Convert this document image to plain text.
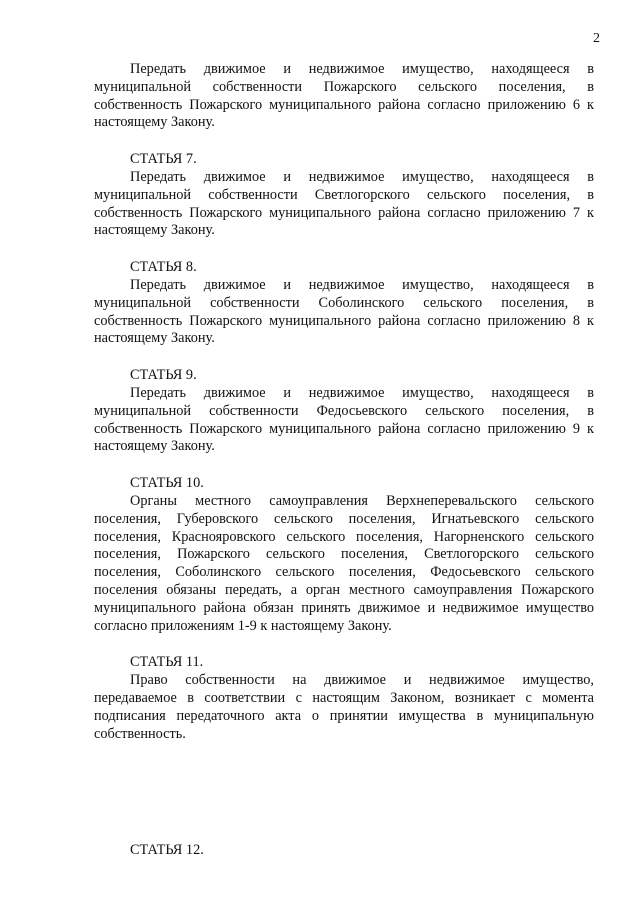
2

Передать движимое и недвижимое имущество, находящееся в муниципальной собственности Пожарского сельского поселения, в собственность Пожарского муниципального района согласно приложению 6 к настоящему Закону.

СТАТЬЯ 7.

Передать движимое и недвижимое имущество, находящееся в муниципальной собственности Светлогорского сельского поселения, в собственность Пожарского муниципального района согласно приложению 7 к настоящему Закону.

СТАТЬЯ 8.

Передать движимое и недвижимое имущество, находящееся в муниципальной собственности Соболинского сельского поселения, в собственность Пожарского муниципального района согласно приложению 8 к настоящему Закону.

СТАТЬЯ 9.

Передать движимое и недвижимое имущество, находящееся в муниципальной собственности Федосьевского сельского поселения, в собственность Пожарского муниципального района согласно приложению 9 к настоящему Закону.

СТАТЬЯ 10.

Органы местного самоуправления Верхнеперевальского сельского поселения, Губеровского сельского поселения, Игнатьевского сельского поселения, Краснояровского сельского поселения, Нагорненского сельского поселения, Пожарского сельского поселения, Светлогорского сельского поселения, Соболинского сельского поселения, Федосьевского сельского поселения обязаны передать, а орган местного самоуправления Пожарского муниципального района обязан принять движимое и недвижимое имущество согласно приложениям 1-9 к настоящему Закону.

СТАТЬЯ 11.

Право собственности на движимое и недвижимое имущество, передаваемое в соответствии с настоящим Законом, возникает с момента подписания передаточного акта о принятии имущества в муниципальную собственность.

СТАТЬЯ 12.
